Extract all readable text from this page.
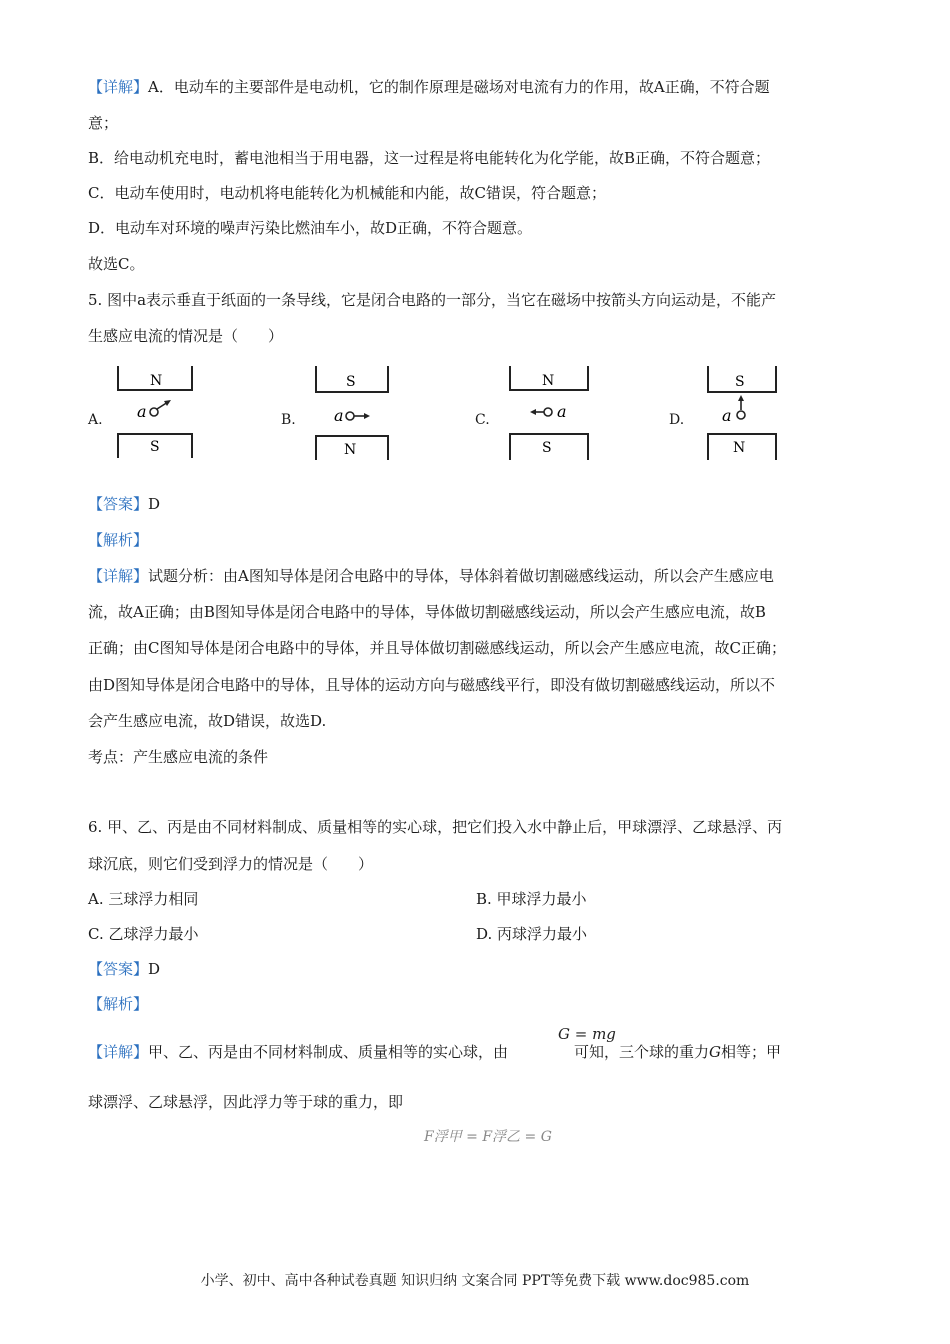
【详解】A．电动车的主要部件是电动机，它的制作原理是磁场对电流有力的作用，故A正确，不符合题
意；
B．给电动机充电时，蓄电池相当于用电器，这一过程是将电能转化为化学能，故B正确，不符合题意；
C．电动车使用时，电动机将电能转化为机械能和内能，故C错误，符合题意；
D．电动车对环境的噪声污染比燃油车小，故D正确，不符合题意。
故选C。
5. 图中a表示垂直于纸面的一条导线，它是闭合电路的一部分，当它在磁场中按箭头方向运动是，不能产
生感应电流的情况是（　　）
A.
N
a
S
B.
S
a
N
C.
N
a
S
D.
S
a
N
【答案】D
【解析】
【详解】试题分析：由A图知导体是闭合电路中的导体，导体斜着做切割磁感线运动，所以会产生感应电
流，故A正确；由B图知导体是闭合电路中的导体，导体做切割磁感线运动，所以会产生感应电流，故B
正确；由C图知导体是闭合电路中的导体，并且导体做切割磁感线运动，所以会产生感应电流，故C正确；
由D图知导体是闭合电路中的导体，且导体的运动方向与磁感线平行，即没有做切割磁感线运动，所以不
会产生感应电流，故D错误，故选D.
考点：产生感应电流的条件
6. 甲、乙、丙是由不同材料制成、质量相等的实心球，把它们投入水中静止后，甲球漂浮、乙球悬浮、丙
球沉底，则它们受到浮力的情况是（　　）
A. 三球浮力相同	B. 甲球浮力最小
C. 乙球浮力最小	D. 丙球浮力最小
【答案】D
【解析】
【详解】甲、乙、丙是由不同材料制成、质量相等的实心球，由	可知，三个球的重力G相等；甲
G = mg
球漂浮、乙球悬浮，因此浮力等于球的重力，即
F浮甲 = F浮乙 = G
小学、初中、高中各种试卷真题 知识归纳 文案合同 PPT等免费下载 www.doc985.com
